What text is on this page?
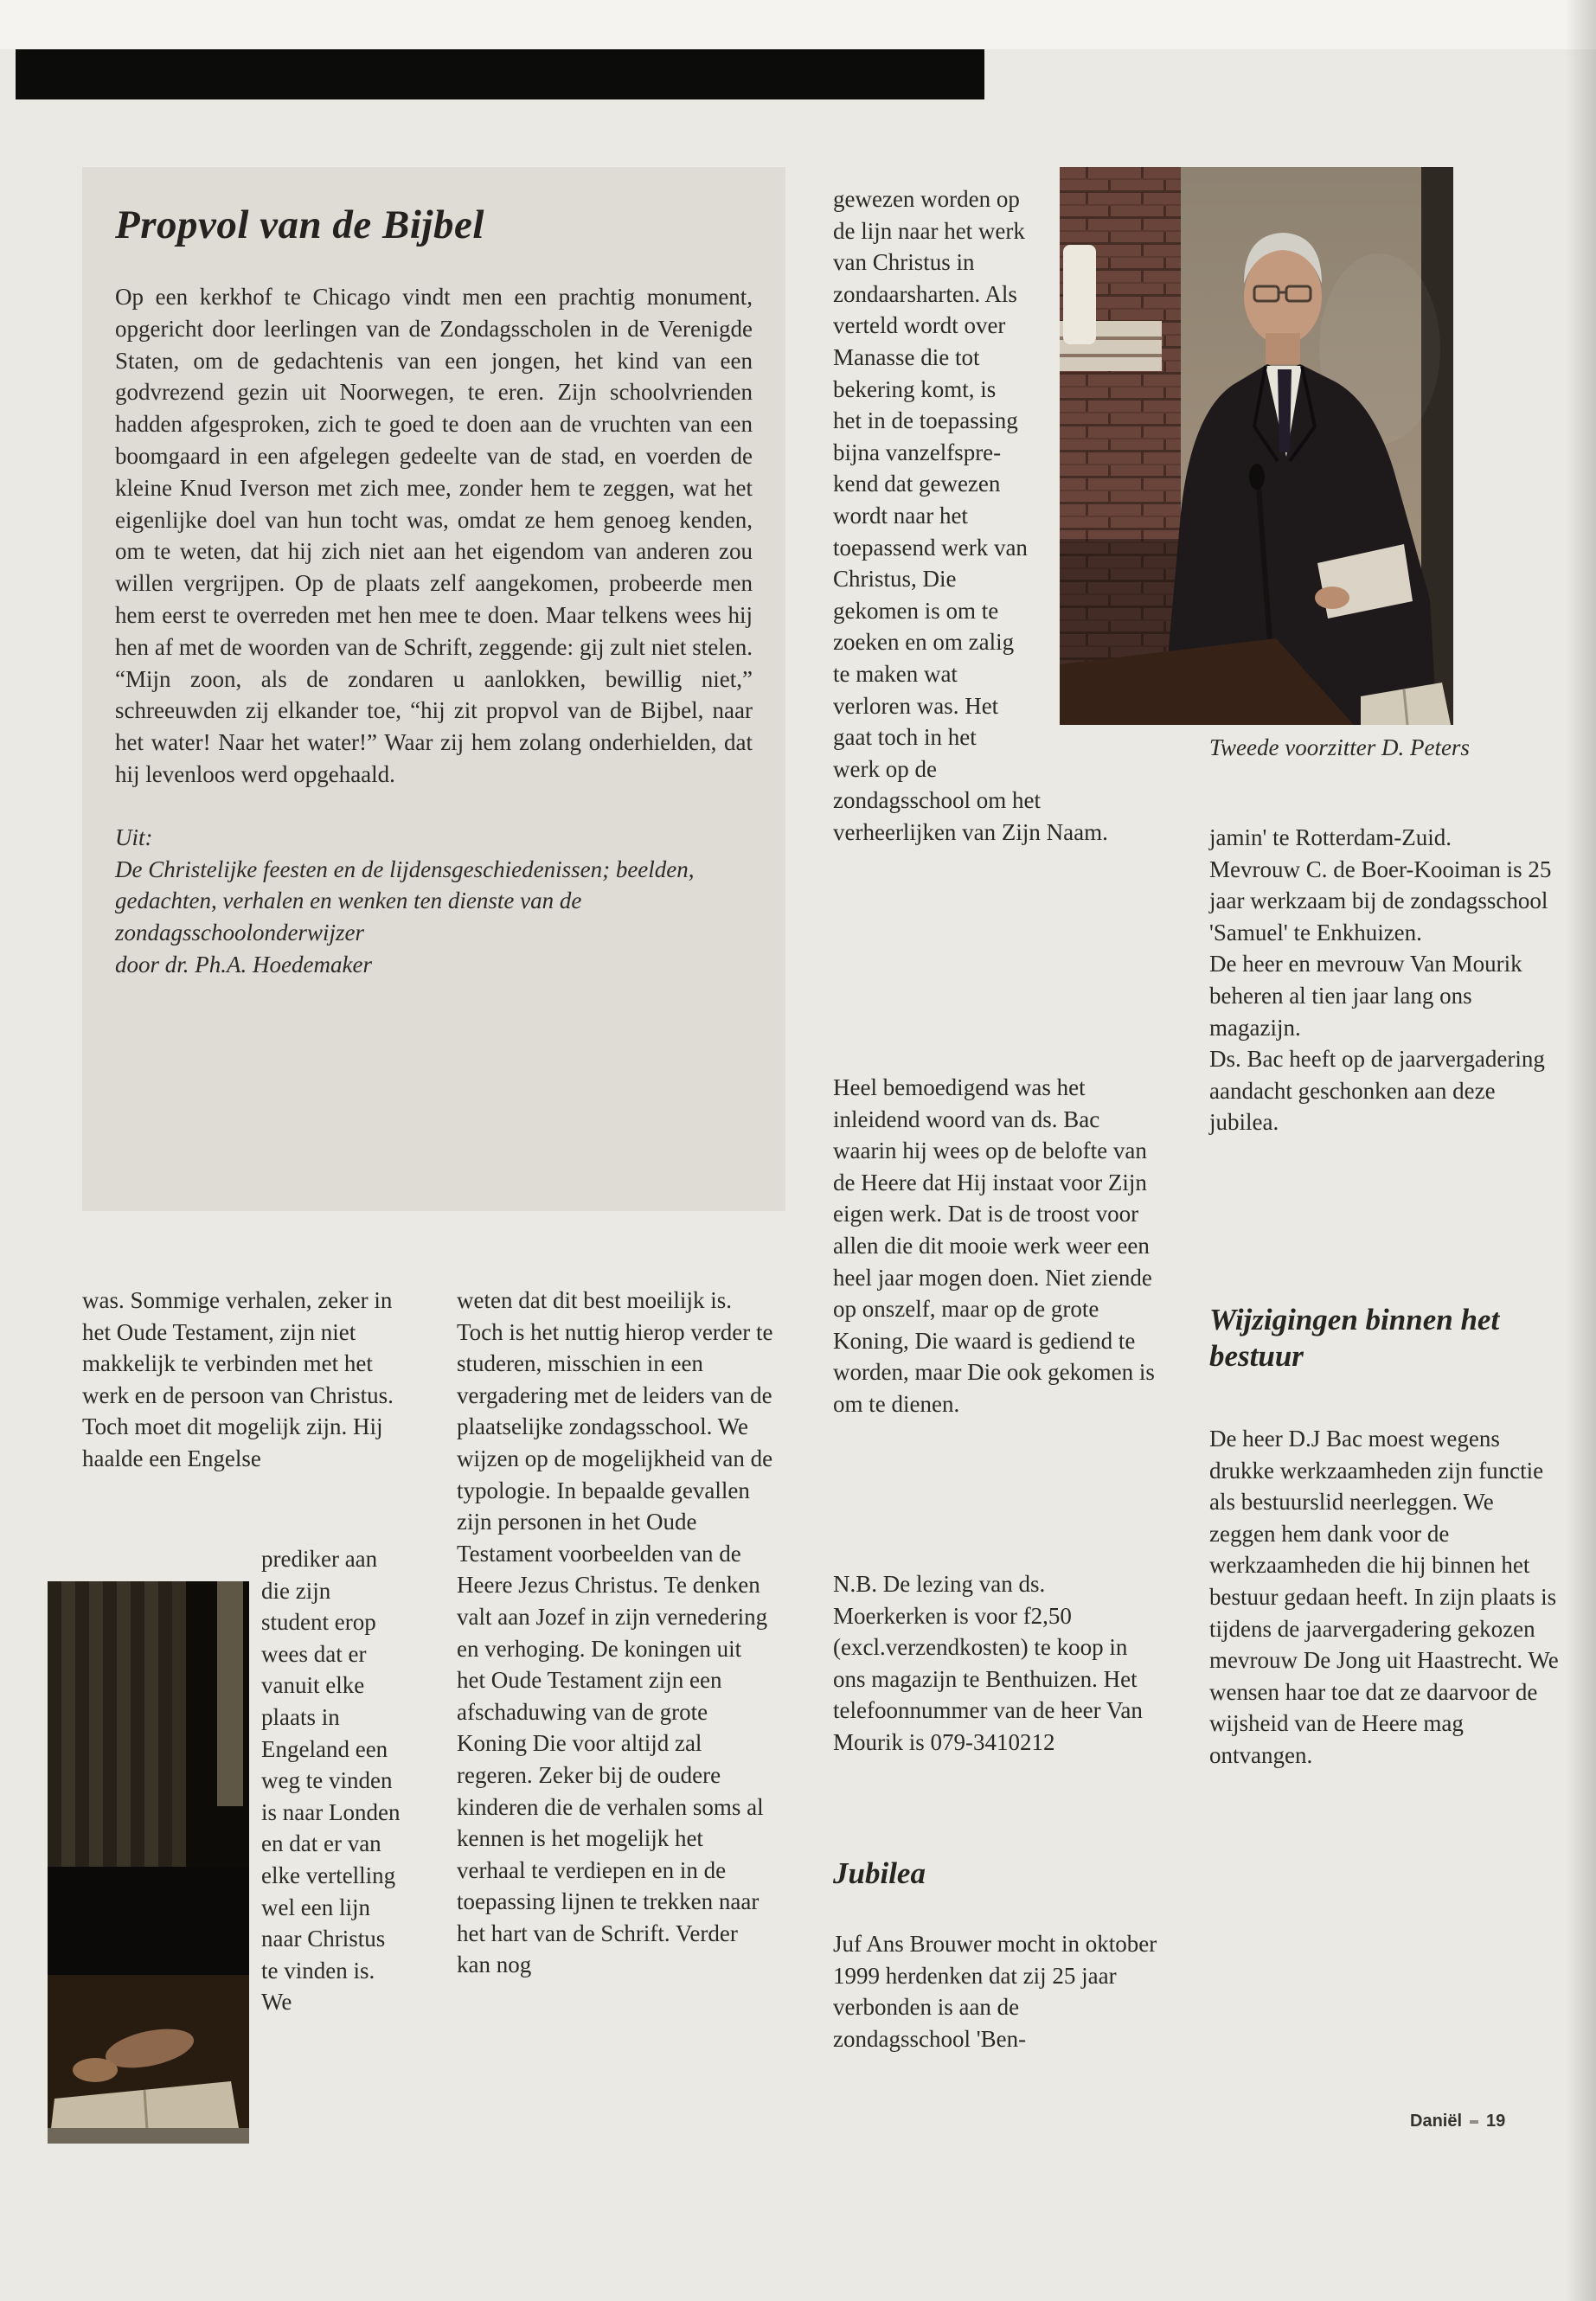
Propvol van de Bijbel

Op een kerkhof te Chicago vindt men een prachtig monument, opgericht door leerlingen van de Zondagsscholen in de Verenigde Staten, om de gedachtenis van een jongen, het kind van een godvrezend gezin uit Noorwegen, te eren. Zijn schoolvrienden hadden afgesproken, zich te goed te doen aan de vruchten van een boomgaard in een afgelegen gedeelte van de stad, en voerden de kleine Knud Iverson met zich mee, zonder hem te zeggen, wat het eigenlijke doel van hun tocht was, omdat ze hem genoeg kenden, om te weten, dat hij zich niet aan het eigendom van anderen zou willen vergrijpen. Op de plaats zelf aangekomen, probeerde men hem eerst te overreden met hen mee te doen. Maar telkens wees hij hen af met de woorden van de Schrift, zeggende: gij zult niet stelen. “Mijn zoon, als de zondaren u aanlokken, bewillig niet,” schreeuwden zij elkander toe, “hij zit propvol van de Bijbel, naar het water! Naar het water!” Waar zij hem zolang onderhielden, dat hij levenloos werd opgehaald.

Uit:

De Christelijke feesten en de lijdensgeschiedenissen; beelden, gedachten, verhalen en wenken ten dienste van de zondagsschoolonderwijzer

door dr. Ph.A. Hoedemaker

gewezen worden op de lijn naar het werk van Christus in zondaarsharten. Als verteld wordt over Manasse die tot bekering komt, is het in de toepassing bijna vanzelfsprekend dat gewezen wordt naar het toepassend werk van Christus, Die gekomen is om te zoeken en om zalig te maken wat verloren was. Het gaat toch in het werk op de zondagsschool om het verheerlijken van Zijn Naam.

Heel bemoedigend was het inleidend woord van ds. Bac waarin hij wees op de belofte van de Heere dat Hij instaat voor Zijn eigen werk. Dat is de troost voor allen die dit mooie werk weer een heel jaar mogen doen. Niet ziende op onszelf, maar op de grote Koning, Die waard is gediend te worden, maar Die ook gekomen is om te dienen.

N.B. De lezing van ds. Moerkerken is voor f2,50 (excl.verzendkosten) te koop in ons magazijn te Benthuizen. Het telefoonnummer van de heer Van Mourik is 079-3410212

Jubilea

Juf Ans Brouwer mocht in oktober 1999 herdenken dat zij 25 jaar verbonden is aan de zondagsschool 'Ben-

Tweede voorzitter D. Peters

jamin' te Rotterdam-Zuid.

Mevrouw C. de Boer-Kooiman is 25 jaar werkzaam bij de zondagsschool 'Samuel' te Enkhuizen.

De heer en mevrouw Van Mourik beheren al tien jaar lang ons magazijn.

Ds. Bac heeft op de jaarvergadering aandacht geschonken aan deze jubilea.

Wijzigingen binnen het bestuur

De heer D.J Bac moest wegens drukke werkzaamheden zijn functie als bestuurslid neerleggen. We zeggen hem dank voor de werkzaamheden die hij binnen het bestuur gedaan heeft. In zijn plaats is tijdens de jaarvergadering gekozen mevrouw De Jong uit Haastrecht. We wensen haar toe dat ze daarvoor de wijsheid van de Heere mag ontvangen.

was. Sommige verhalen, zeker in het Oude Testament, zijn niet makkelijk te verbinden met het werk en de persoon van Christus. Toch moet dit mogelijk zijn. Hij haalde een Engelse

prediker aan die zijn student erop wees dat er vanuit elke plaats in Engeland een weg te vinden is naar Londen en dat er van elke vertelling wel een lijn naar Christus te vinden is. We

weten dat dit best moeilijk is. Toch is het nuttig hierop verder te studeren, misschien in een vergadering met de leiders van de plaatselijke zondagsschool. We wijzen op de mogelijkheid van de typologie. In bepaalde gevallen zijn personen in het Oude Testament voorbeelden van de Heere Jezus Christus. Te denken valt aan Jozef in zijn vernedering en verhoging. De koningen uit het Oude Testament zijn een afschaduwing van de grote Koning Die voor altijd zal regeren. Zeker bij de oudere kinderen die de verhalen soms al kennen is het mogelijk het verhaal te verdiepen en in de toepassing lijnen te trekken naar het hart van de Schrift. Verder kan nog

Daniël 19
